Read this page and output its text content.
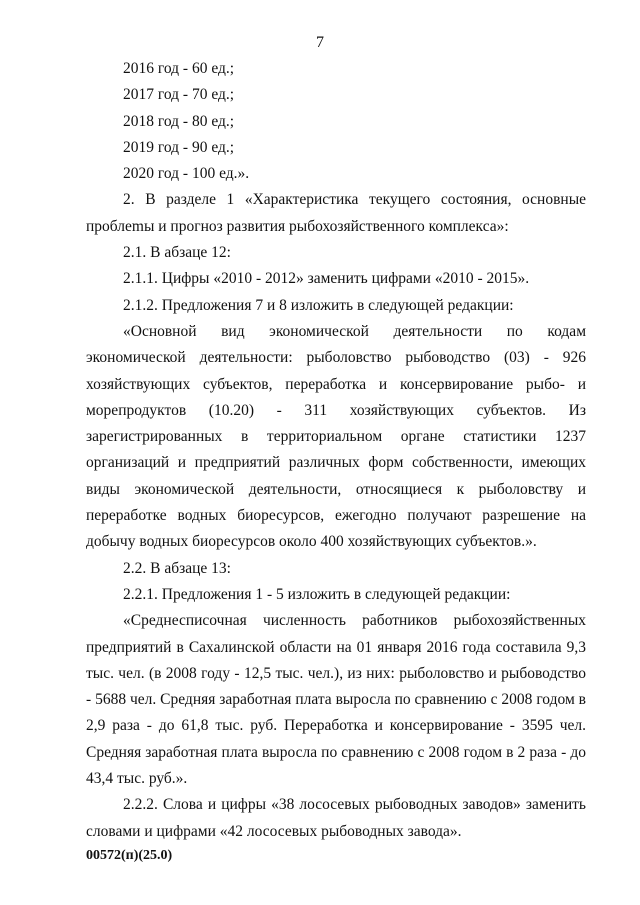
7

2016 год - 60 ед.;

2017 год - 70 ед.;

2018 год - 80 ед.;

2019 год - 90 ед.;

2020 год - 100 ед.».

2. В разделе 1 «Характеристика текущего состояния, основные проблеmы и прогноз развития рыбохозяйственного комплекса»:

2.1. В абзаце 12:

2.1.1. Цифры «2010 - 2012» заменить цифрами «2010 - 2015».

2.1.2. Предложения 7 и 8 изложить в следующей редакции:

«Основной вид экономической деятельности по кодам экономической деятельности: рыболовство рыбоводство (03) - 926 хозяйствующих субъектов, переработка и консервирование рыбо- и морепродуктов (10.20) - 311 хозяйствующих субъектов. Из зарегистрированных в территориальном органе статистики 1237 организаций и предприятий различных форм собственности, имеющих виды экономической деятельности, относящиеся к рыболовству и переработке водных биоресурсов, ежегодно получают разрешение на добычу водных биоресурсов около 400 хозяйствующих субъектов.».

2.2. В абзаце 13:

2.2.1. Предложения 1 - 5 изложить в следующей редакции:

«Среднесписочная численность работников рыбохозяйственных предприятий в Сахалинской области на 01 января 2016 года составила 9,3 тыс. чел. (в 2008 году - 12,5 тыс. чел.), из них: рыболовство и рыбоводство - 5688 чел. Средняя заработная плата выросла по сравнению с 2008 годом в 2,9 раза - до 61,8 тыс. руб. Переработка и консервирование - 3595 чел. Средняя заработная плата выросла по сравнению с 2008 годом в 2 раза - до 43,4 тыс. руб.».

2.2.2. Слова и цифры «38 лососевых рыбоводных заводов» заменить словами и цифрами «42 лососевых рыбоводных завода».

00572(п)(25.0)
